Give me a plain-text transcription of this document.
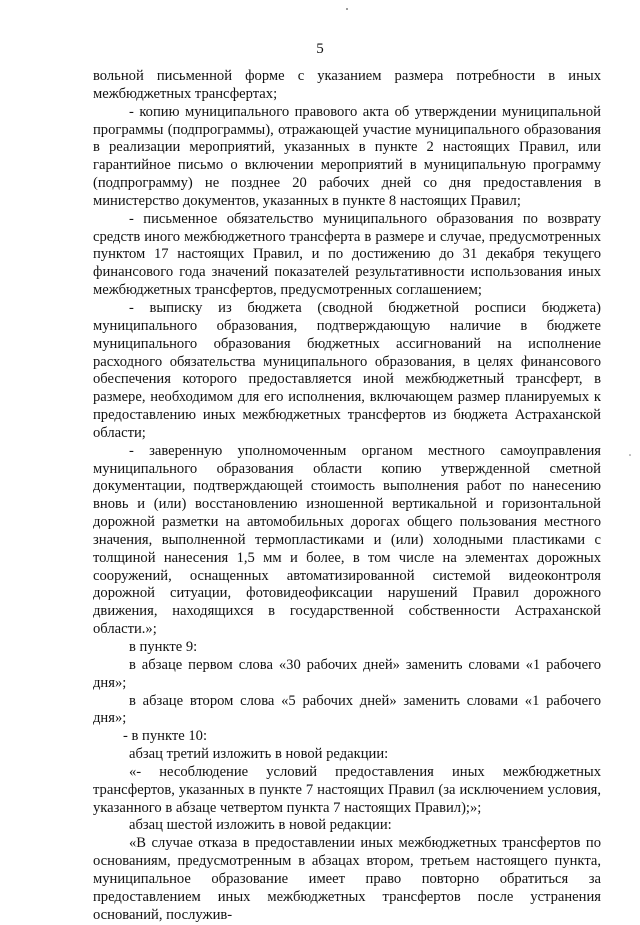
5

вольной письменной форме с указанием размера потребности в иных межбюджетных трансфертах;

- копию муниципального правового акта об утверждении муниципальной программы (подпрограммы), отражающей участие муниципального образования в реализации мероприятий, указанных в пункте 2 настоящих Правил, или гарантийное письмо о включении мероприятий в муниципальную программу (подпрограмму) не позднее 20 рабочих дней со дня предоставления в министерство документов, указанных в пункте 8 настоящих Правил;

- письменное обязательство муниципального образования по возврату средств иного межбюджетного трансферта в размере и случае, предусмотренных пунктом 17 настоящих Правил, и по достижению до 31 декабря текущего финансового года значений показателей результативности использования иных межбюджетных трансфертов, предусмотренных соглашением;

- выписку из бюджета (сводной бюджетной росписи бюджета) муниципального образования, подтверждающую наличие в бюджете муниципального образования бюджетных ассигнований на исполнение расходного обязательства муниципального образования, в целях финансового обеспечения которого предоставляется иной межбюджетный трансферт, в размере, необходимом для его исполнения, включающем размер планируемых к предоставлению иных межбюджетных трансфертов из бюджета Астраханской области;

- заверенную уполномоченным органом местного самоуправления муниципального образования области копию утвержденной сметной документации, подтверждающей стоимость выполнения работ по нанесению вновь и (или) восстановлению изношенной вертикальной и горизонтальной дорожной разметки на автомобильных дорогах общего пользования местного значения, выполненной термопластиками и (или) холодными пластиками с толщиной нанесения 1,5 мм и более, в том числе на элементах дорожных сооружений, оснащенных автоматизированной системой видеоконтроля дорожной ситуации, фотовидеофиксации нарушений Правил дорожного движения, находящихся в государственной собственности Астраханской области.»;

в пункте 9:

в абзаце первом слова «30 рабочих дней» заменить словами «1 рабочего дня»;

в абзаце втором слова «5 рабочих дней» заменить словами «1 рабочего дня»;

- в пункте 10:

абзац третий изложить в новой редакции:

«- несоблюдение условий предоставления иных межбюджетных трансфертов, указанных в пункте 7 настоящих Правил (за исключением условия, указанного в абзаце четвертом пункта 7 настоящих Правил);»;

абзац шестой изложить в новой редакции:

«В случае отказа в предоставлении иных межбюджетных трансфертов по основаниям, предусмотренным в абзацах втором, третьем настоящего пункта, муниципальное образование имеет право повторно обратиться за предоставлением иных межбюджетных трансфертов после устранения оснований, послужив-
